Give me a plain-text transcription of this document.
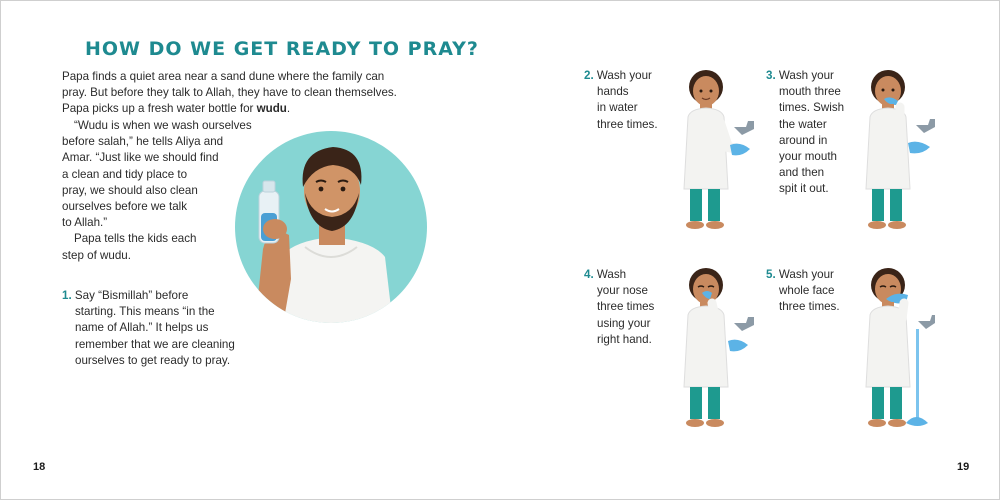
HOW DO WE GET READY TO PRAY?

Papa finds a quiet area near a sand dune where the family can pray. But before they talk to Allah, they have to clean themselves. Papa picks up a fresh water bottle for wudu.

“Wudu is when we wash ourselves
before salah,” he tells Aliya and
Amar. “Just like we should find
a clean and tidy place to
pray, we should also clean
ourselves before we talk
to Allah.”
Papa tells the kids each
step of wudu.
1. Say “Bismillah” before
starting. This means “in the
name of Allah.” It helps us
remember that we are cleaning
ourselves to get ready to pray.
18
2. Wash your
hands
in water
three times.
3. Wash your
mouth three
times. Swish
the water
around in
your mouth
and then
spit it out.
4. Wash
your nose
three times
using your
right hand.
5. Wash your
whole face
three times.
19
